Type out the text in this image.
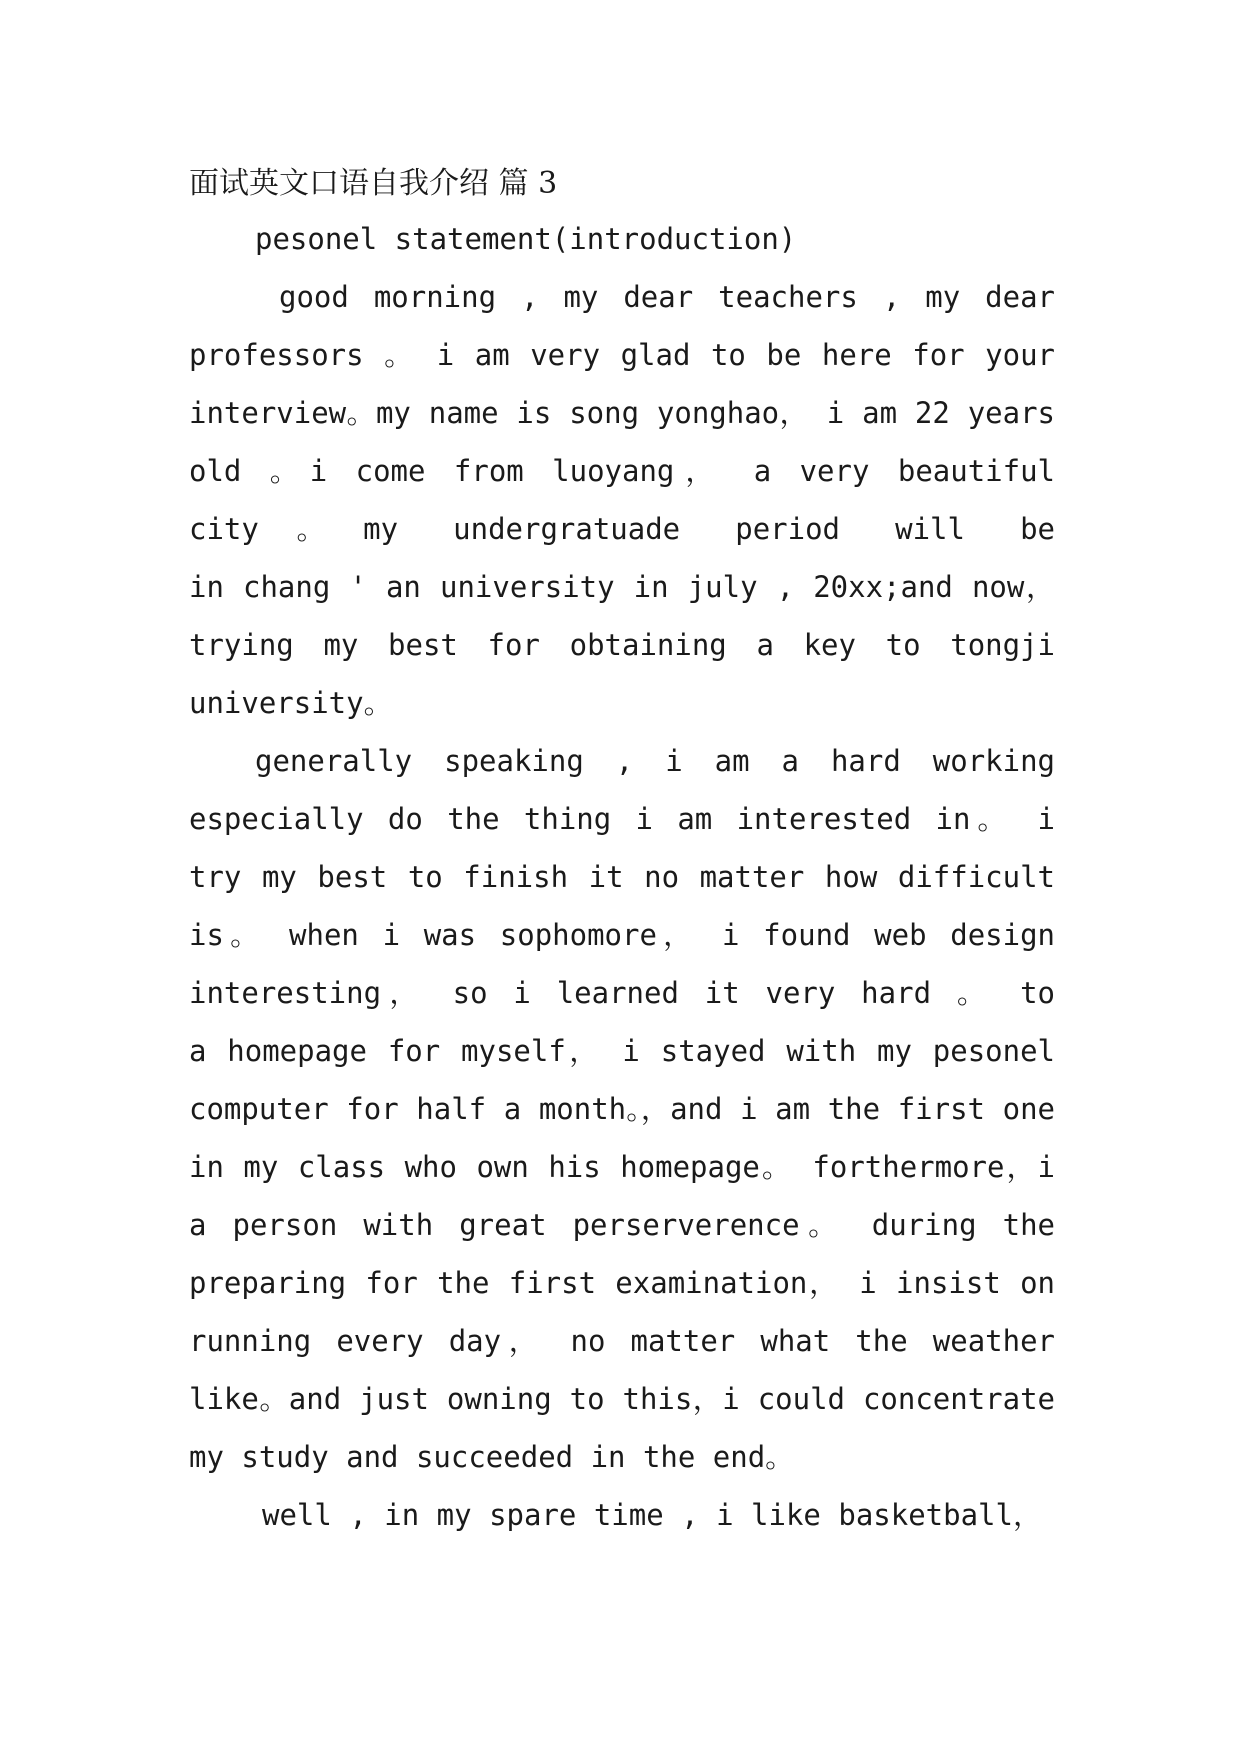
面试英文口语自我介绍 篇 3
pesonel statement(introduction)
good morning , my dear teachers , my dear
professors 。 i am very glad to be here for your
interview。my name is song yonghao， i am 22 years
old 。i come from luoyang， a very beautiful
city。my undergratuade period will be
in chang ' an university in july , 20xx;and now，
trying my best for obtaining a key to tongji
university。
generally speaking , i am a hard working
especially do the thing i am interested in。 i
try my best to finish it no matter how difficult
is。 when i was sophomore， i found web design
interesting， so i learned it very hard 。 to
a homepage for myself， i stayed with my pesonel
computer for half a month。，and i am the first one
in my class who own his homepage。 forthermore，i
a person with great perserverence。 during the
preparing for the first examination， i insist on
running every day， no matter what the weather
like。and just owning to this，i could concentrate
my study and succeeded in the end。
well , in my spare time , i like basketball，
